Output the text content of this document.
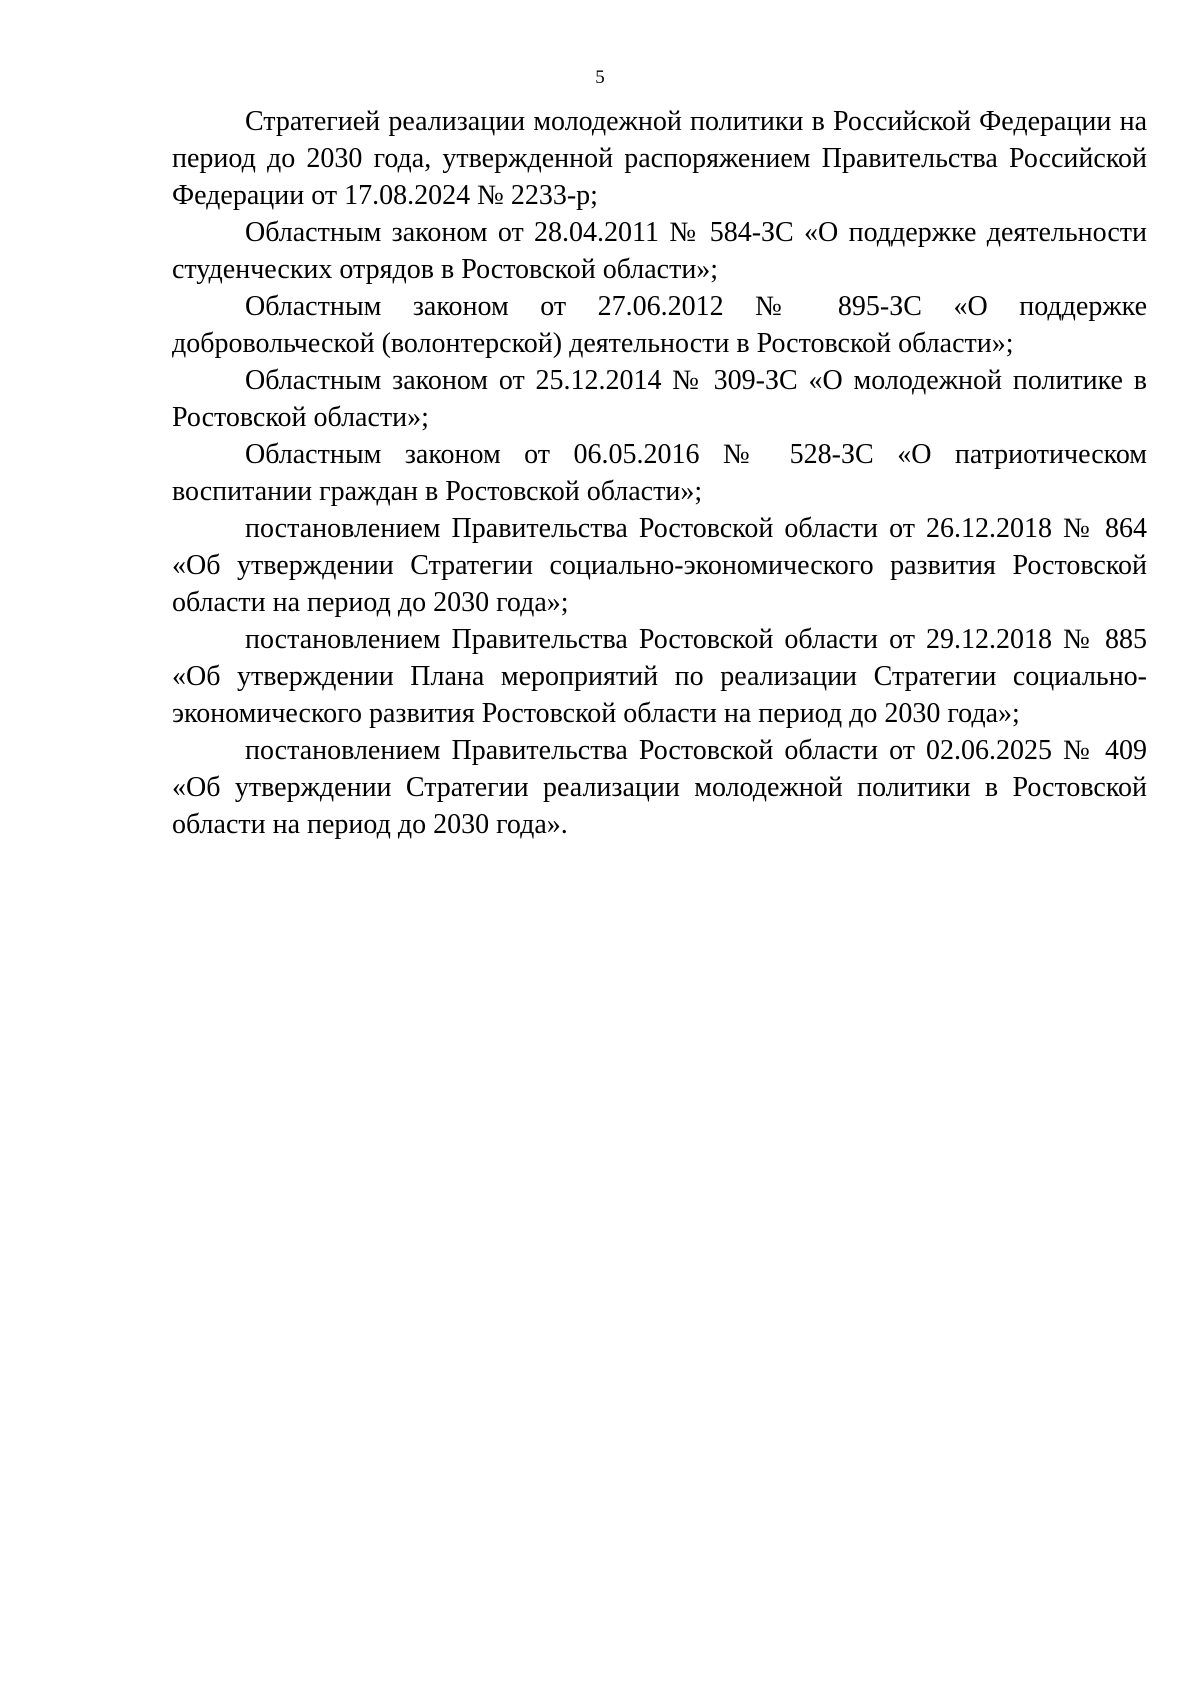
5

Стратегией реализации молодежной политики в Российской Федерации на период до 2030 года, утвержденной распоряжением Правительства Российской Федерации от 17.08.2024 № 2233-р;

Областным законом от 28.04.2011 № 584-ЗС «О поддержке деятельности студенческих отрядов в Ростовской области»;

Областным законом от 27.06.2012 № 895-ЗС «О поддержке добровольческой (волонтерской) деятельности в Ростовской области»;

Областным законом от 25.12.2014 № 309-ЗС «О молодежной политике в Ростовской области»;

Областным законом от 06.05.2016 № 528-ЗС «О патриотическом воспитании граждан в Ростовской области»;

постановлением Правительства Ростовской области от 26.12.2018 № 864 «Об утверждении Стратегии социально-экономического развития Ростовской области на период до 2030 года»;

постановлением Правительства Ростовской области от 29.12.2018 № 885 «Об утверждении Плана мероприятий по реализации Стратегии социально-экономического развития Ростовской области на период до 2030 года»;

постановлением Правительства Ростовской области от 02.06.2025 № 409 «Об утверждении Стратегии реализации молодежной политики в Ростовской области на период до 2030 года».
